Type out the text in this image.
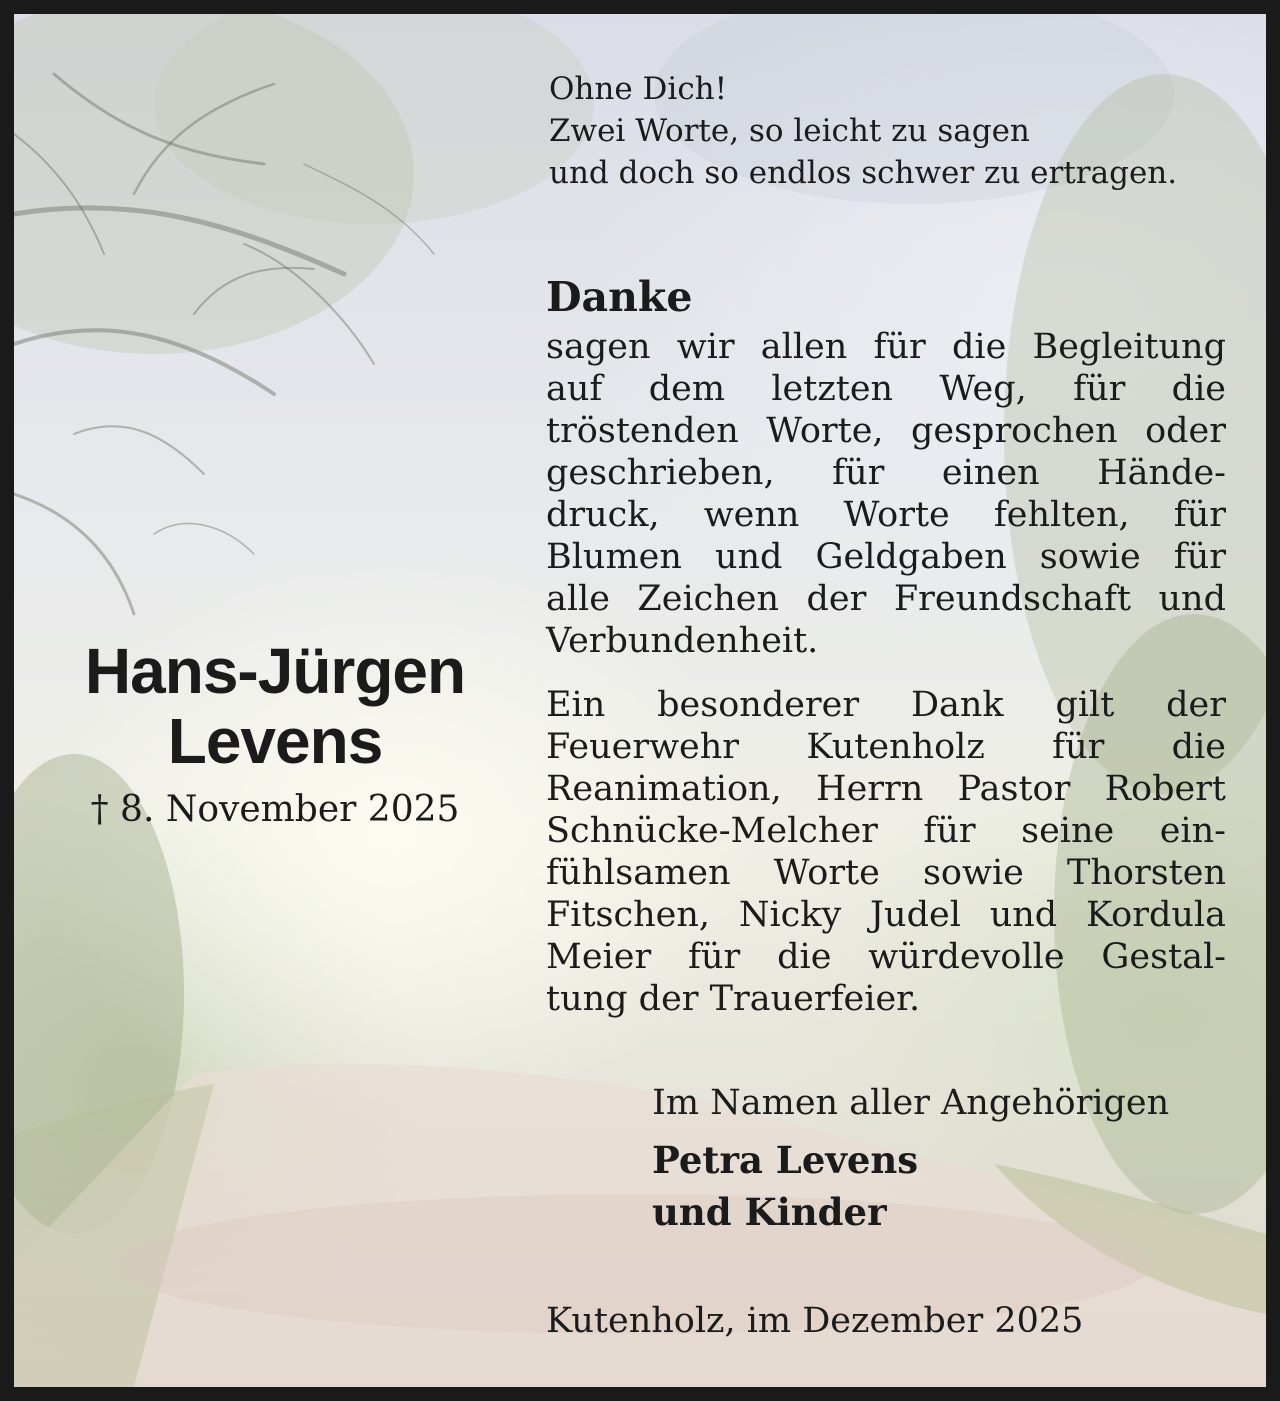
Hans-Jürgen
Levens
† 8. November 2025
Ohne Dich!
Zwei Worte, so leicht zu sagen
und doch so endlos schwer zu ertragen.
Danke
sagen wir allen für die Begleitung
auf dem letzten Weg, für die
tröstenden Worte, gesprochen oder
geschrieben, für einen Hände-
druck, wenn Worte fehlten, für
Blumen und Geldgaben sowie für
alle Zeichen der Freundschaft und
Verbundenheit.
Ein besonderer Dank gilt der
Feuerwehr Kutenholz für die
Reanimation, Herrn Pastor Robert
Schnücke-Melcher für seine ein-
fühlsamen Worte sowie Thorsten
Fitschen, Nicky Judel und Kordula
Meier für die würdevolle Gestal-
tung der Trauerfeier.
Im Namen aller Angehörigen
Petra Levens
und Kinder
Kutenholz, im Dezember 2025
